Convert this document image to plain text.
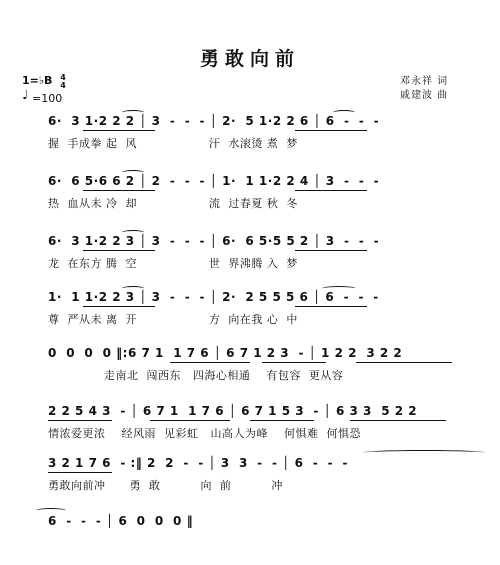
勇敢向前
邓永祥 词
戚建波 曲
1=♭B 4
4
♩ =100
6·  3 1·2 2 2 │ 3  -  -  - │ 2·  5 1·2 2 6 │ 6  -  -  -
握  手成拳 起  风                  汗  水滚烫 煮  梦
6·  6 5·6 6 2 │ 2  -  -  - │ 1·  1 1·2 2 4 │ 3  -  -  -
热  血从未 冷  却                  流  过春夏 秋  冬
6·  3 1·2 2 3 │ 3  -  -  - │ 6·  6 5·5 5 2 │ 3  -  -  -
龙  在东方 腾  空                  世  界沸腾 入  梦
1·  1 1·2 2 3 │ 3  -  -  - │ 2·  2 5 5 5 6 │ 6  -  -  -
尊  严从未 离  开                  方  向在我 心  中
0  0  0  0 ‖:6 7 1  1 7 6 │ 6 7 1 2 3  - │ 1 2 2  3 2 2
走南北  闯西东   四海心相通    有包容  更从容
2 2 5 4 3  - │ 6 7 1  1 7 6 │ 6 7 1 5 3  - │ 6 3 3  5 2 2
情浓爱更浓    经风雨  见彩虹   山高人为峰    何惧难  何惧恐
3 2 1 7 6  - :‖ 2  2  -  - │ 3  3  -  - │ 6  -  -  -
勇敢向前冲      勇  敢          向  前          冲
6  -  -  - │ 6  0  0  0 ‖
